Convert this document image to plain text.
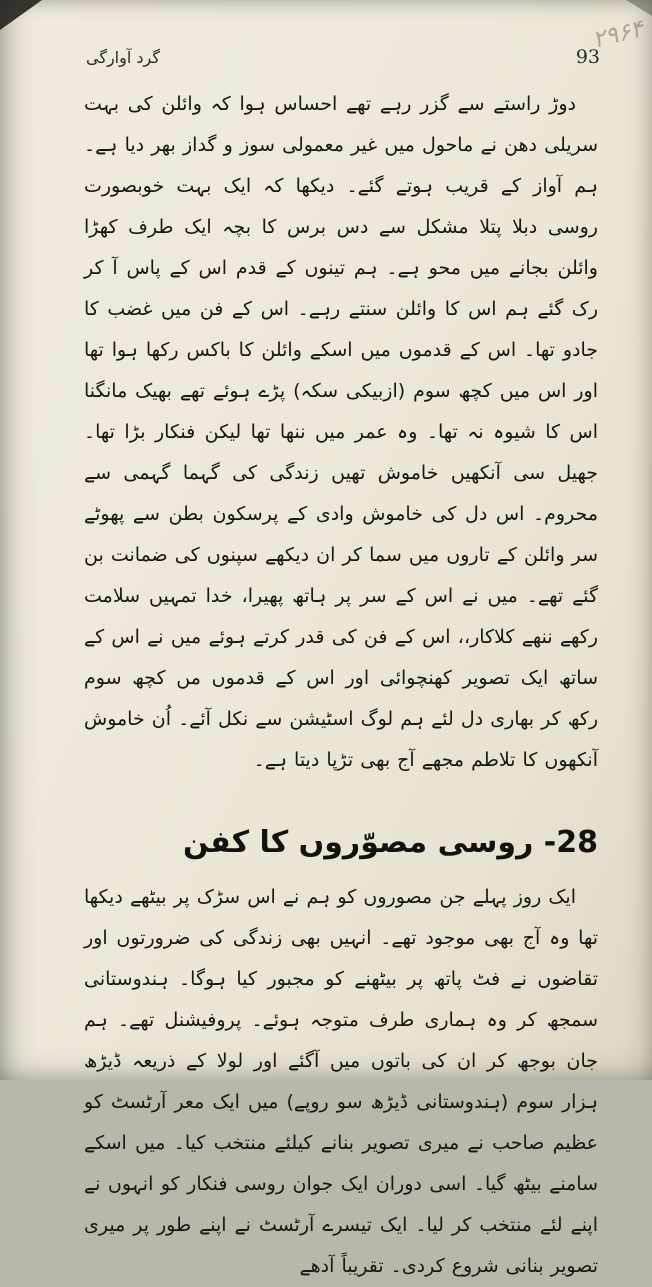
گرد آوارگی	93
۲۹۶۴

دوڑ راستے سے گزر رہے تھے احساس ہوا کہ وائلن کی بہت سریلی دھن نے ماحول میں غیر معمولی سوز و گداز بھر دیا ہے۔ ہم آواز کے قریب ہوتے گئے۔ دیکھا کہ ایک بہت خوبصورت روسی دبلا پتلا مشکل سے دس برس کا بچہ ایک طرف کھڑا وائلن بجانے میں محو ہے۔ ہم تینوں کے قدم اس کے پاس آ کر رک گئے ہم اس کا وائلن سنتے رہے۔ اس کے فن میں غضب کا جادو تھا۔ اس کے قدموں میں اسکے وائلن کا باکس رکھا ہوا تھا اور اس میں کچھ سوم (ازبیکی سکہ) پڑے ہوئے تھے بھیک مانگنا اس کا شیوہ نہ تھا۔ وہ عمر میں ننھا تھا لیکن فنکار بڑا تھا۔ جھیل سی آنکھیں خاموش تھیں زندگی کی گہما گہمی سے محروم۔ اس دل کی خاموش وادی کے پرسکون بطن سے پھوٹے سر وائلن کے تاروں میں سما کر ان دیکھے سپنوں کی ضمانت بن گئے تھے۔ میں نے اس کے سر پر ہاتھ پھیرا، خدا تمہیں سلامت رکھے ننھے کلاکار،، اس کے فن کی قدر کرتے ہوئے میں نے اس کے ساتھ ایک تصویر کھنچوائی اور اس کے قدموں مں کچھ سوم رکھ کر بھاری دل لئے ہم لوگ اسٹیشن سے نکل آئے۔ اُن خاموش آنکھوں کا تلاطم مجھے آج بھی تڑپا دیتا ہے۔

28- روسی مصوّروں کا کفن

ایک روز پہلے جن مصوروں کو ہم نے اس سڑک پر بیٹھے دیکھا تھا وہ آج بھی موجود تھے۔ انہیں بھی زندگی کی ضرورتوں اور تقاضوں نے فٹ پاتھ پر بیٹھنے کو مجبور کیا ہوگا۔ ہندوستانی سمجھ کر وہ ہماری طرف متوجہ ہوئے۔ پروفیشنل تھے۔ ہم جان بوجھ کر ان کی باتوں میں آگئے اور لولا کے ذریعہ ڈیڑھ ہزار سوم (ہندوستانی ڈیڑھ سو روپے) میں ایک معر آرٹسٹ کو عظیم صاحب نے میری تصویر بنانے کیلئے منتخب کیا۔ میں اسکے سامنے بیٹھ گیا۔ اسی دوران ایک جوان روسی فنکار کو انہوں نے اپنے لئے منتخب کر لیا۔ ایک تیسرے آرٹسٹ نے اپنے طور پر میری تصویر بنانی شروع کردی۔ تقریباً آدھے
